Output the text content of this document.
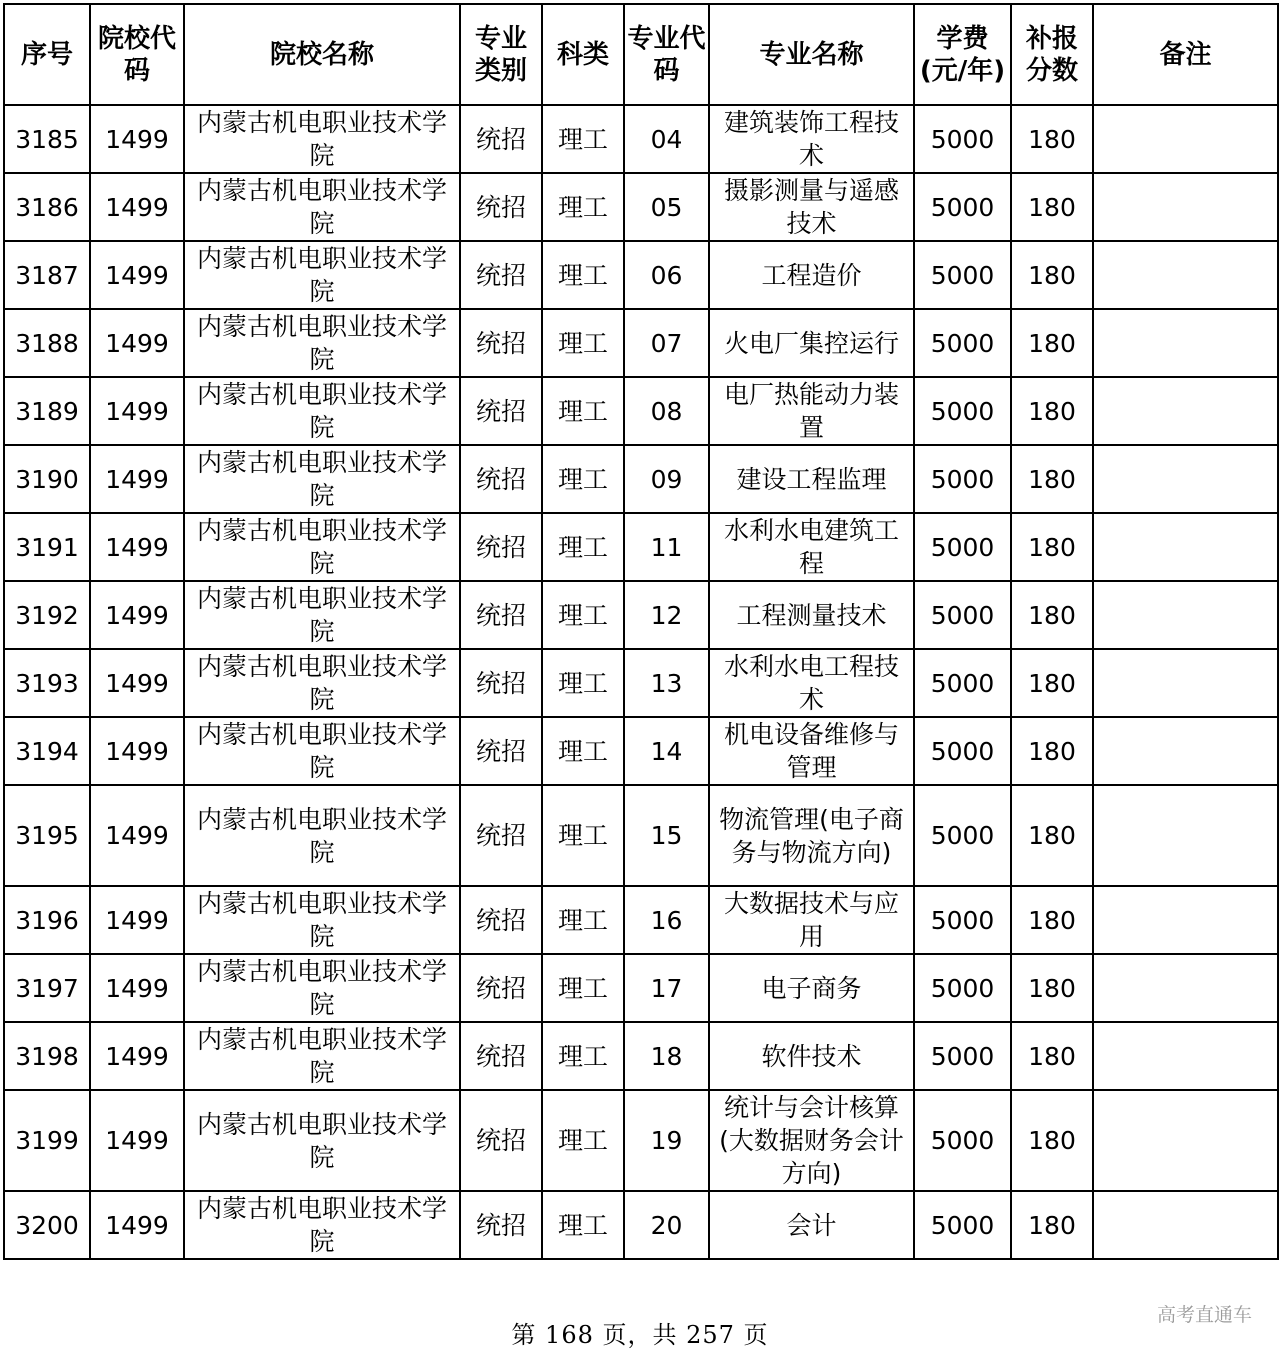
序号	院校代码	院校名称	专业类别	科类	专业代码	专业名称	学费(元/年)	补报分数	备注
3185	1499	内蒙古机电职业技术学院	统招	理工	04	建筑装饰工程技术	5000	180	
3186	1499	内蒙古机电职业技术学院	统招	理工	05	摄影测量与遥感技术	5000	180	
3187	1499	内蒙古机电职业技术学院	统招	理工	06	工程造价	5000	180	
3188	1499	内蒙古机电职业技术学院	统招	理工	07	火电厂集控运行	5000	180	
3189	1499	内蒙古机电职业技术学院	统招	理工	08	电厂热能动力装置	5000	180	
3190	1499	内蒙古机电职业技术学院	统招	理工	09	建设工程监理	5000	180	
3191	1499	内蒙古机电职业技术学院	统招	理工	11	水利水电建筑工程	5000	180	
3192	1499	内蒙古机电职业技术学院	统招	理工	12	工程测量技术	5000	180	
3193	1499	内蒙古机电职业技术学院	统招	理工	13	水利水电工程技术	5000	180	
3194	1499	内蒙古机电职业技术学院	统招	理工	14	机电设备维修与管理	5000	180	
3195	1499	内蒙古机电职业技术学院	统招	理工	15	物流管理(电子商务与物流方向)	5000	180	
3196	1499	内蒙古机电职业技术学院	统招	理工	16	大数据技术与应用	5000	180	
3197	1499	内蒙古机电职业技术学院	统招	理工	17	电子商务	5000	180	
3198	1499	内蒙古机电职业技术学院	统招	理工	18	软件技术	5000	180	
3199	1499	内蒙古机电职业技术学院	统招	理工	19	统计与会计核算(大数据财务会计方向)	5000	180	
3200	1499	内蒙古机电职业技术学院	统招	理工	20	会计	5000	180	
第 168 页，共 257 页
高考直通车
